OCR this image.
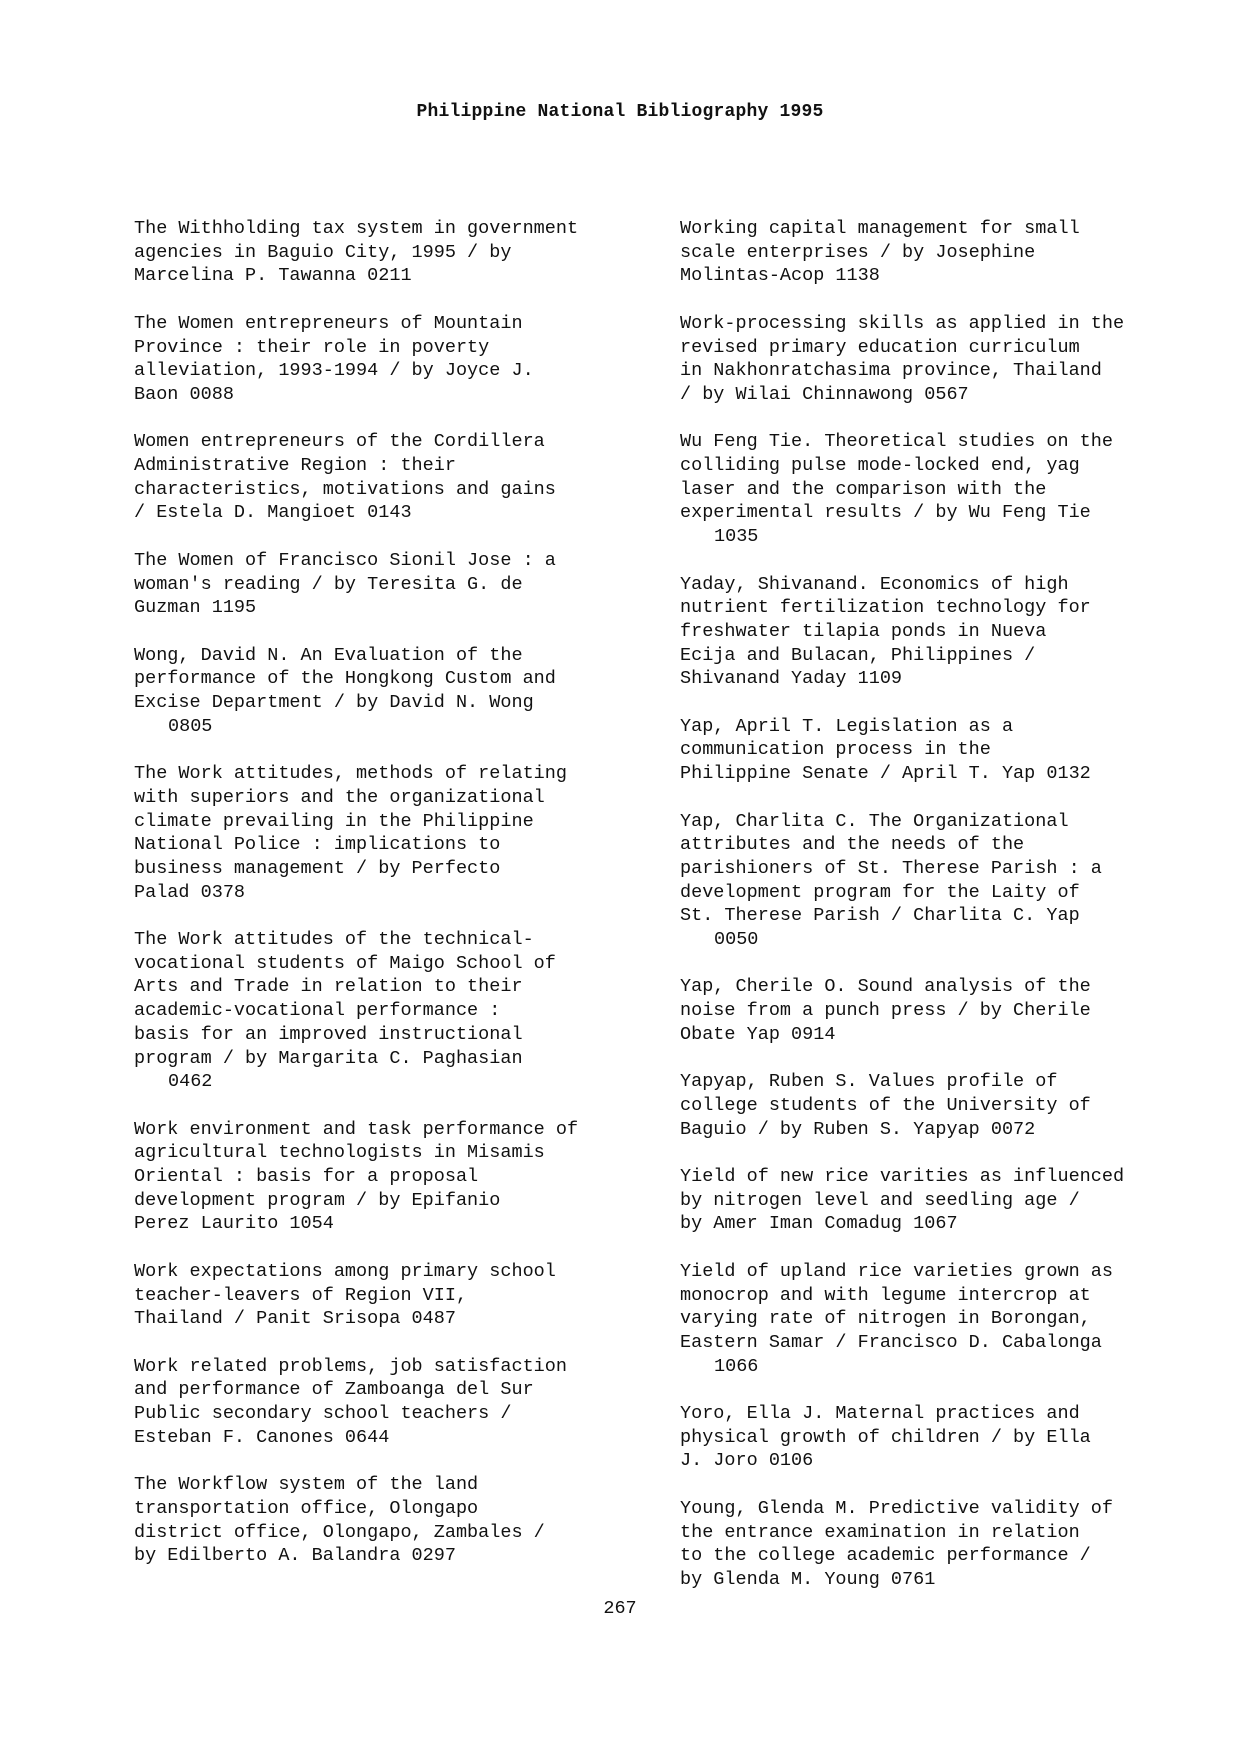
Philippine National Bibliography 1995
The Withholding tax system in government
agencies in Baguio City, 1995 / by
Marcelina P. Tawanna 0211
The Women entrepreneurs of Mountain
Province : their role in poverty
alleviation, 1993-1994 / by Joyce J.
Baon 0088
Women entrepreneurs of the Cordillera
Administrative Region : their
characteristics, motivations and gains
/ Estela D. Mangioet 0143
The Women of Francisco Sionil Jose : a
woman's reading / by Teresita G. de
Guzman 1195
Wong, David N. An Evaluation of the
performance of the Hongkong Custom and
Excise Department / by David N. Wong
0805
The Work attitudes, methods of relating
with superiors and the organizational
climate prevailing in the Philippine
National Police : implications to
business management / by Perfecto
Palad 0378
The Work attitudes of the technical-
vocational students of Maigo School of
Arts and Trade in relation to their
academic-vocational performance :
basis for an improved instructional
program / by Margarita C. Paghasian
0462
Work environment and task performance of
agricultural technologists in Misamis
Oriental : basis for a proposal
development program / by Epifanio
Perez Laurito 1054
Work expectations among primary school
teacher-leavers of Region VII,
Thailand / Panit Srisopa 0487
Work related problems, job satisfaction
and performance of Zamboanga del Sur
Public secondary school teachers /
Esteban F. Canones 0644
The Workflow system of the land
transportation office, Olongapo
district office, Olongapo, Zambales /
by Edilberto A. Balandra 0297
Working capital management for small
scale enterprises / by Josephine
Molintas-Acop 1138
Work-processing skills as applied in the
revised primary education curriculum
in Nakhonratchasima province, Thailand
/ by Wilai Chinnawong 0567
Wu Feng Tie. Theoretical studies on the
colliding pulse mode-locked end, yag
laser and the comparison with the
experimental results / by Wu Feng Tie
1035
Yaday, Shivanand. Economics of high
nutrient fertilization technology for
freshwater tilapia ponds in Nueva
Ecija and Bulacan, Philippines /
Shivanand Yaday 1109
Yap, April T. Legislation as a
communication process in the
Philippine Senate / April T. Yap 0132
Yap, Charlita C. The Organizational
attributes and the needs of the
parishioners of St. Therese Parish : a
development program for the Laity of
St. Therese Parish / Charlita C. Yap
0050
Yap, Cherile O. Sound analysis of the
noise from a punch press / by Cherile
Obate Yap 0914
Yapyap, Ruben S. Values profile of
college students of the University of
Baguio / by Ruben S. Yapyap 0072
Yield of new rice varities as influenced
by nitrogen level and seedling age /
by Amer Iman Comadug 1067
Yield of upland rice varieties grown as
monocrop and with legume intercrop at
varying rate of nitrogen in Borongan,
Eastern Samar / Francisco D. Cabalonga
1066
Yoro, Ella J. Maternal practices and
physical growth of children / by Ella
J. Joro 0106
Young, Glenda M. Predictive validity of
the entrance examination in relation
to the college academic performance /
by Glenda M. Young 0761
267
